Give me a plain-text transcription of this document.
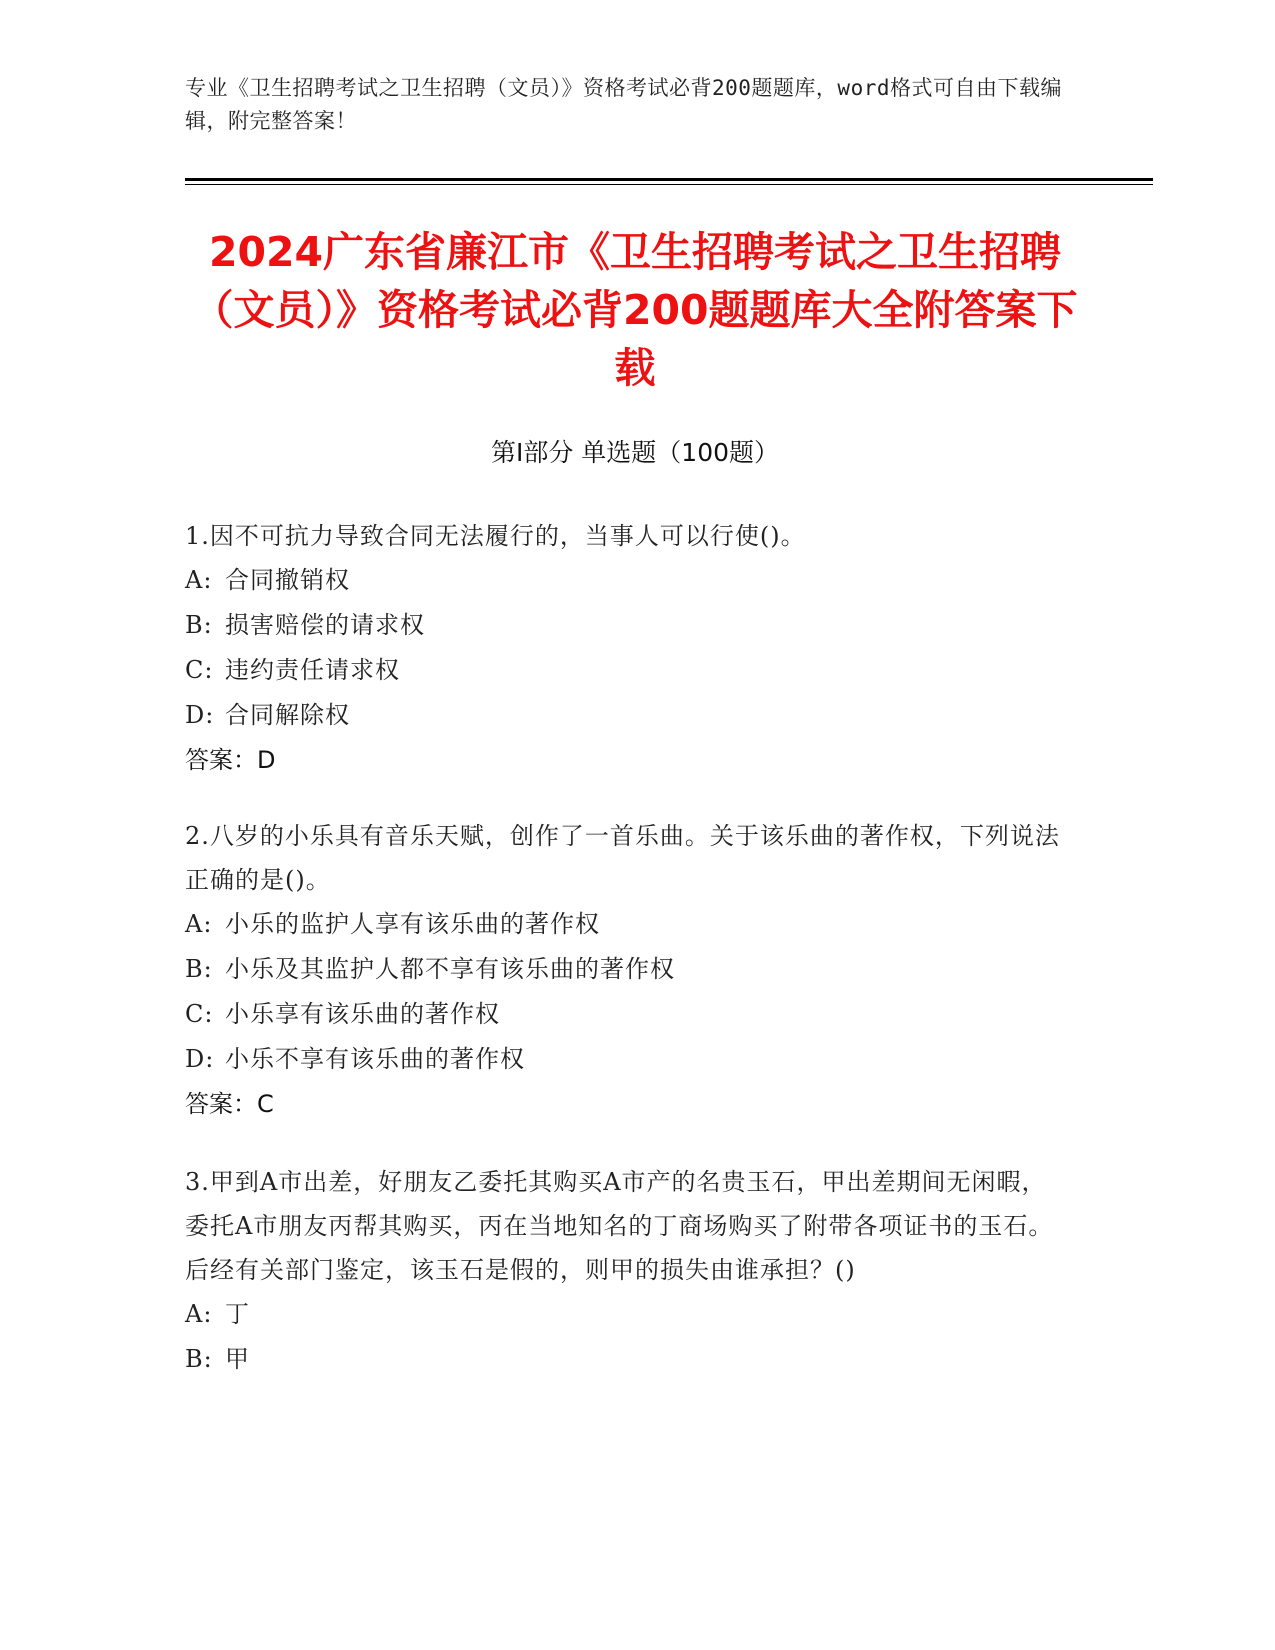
专业《卫生招聘考试之卫生招聘（文员）》资格考试必背200题题库，word格式可自由下载编辑，附完整答案！
2024广东省廉江市《卫生招聘考试之卫生招聘（文员）》资格考试必背200题题库大全附答案下载
第Ⅰ部分 单选题（100题）
1.因不可抗力导致合同无法履行的，当事人可以行使()。
A: 合同撤销权
B: 损害赔偿的请求权
C: 违约责任请求权
D: 合同解除权
答案：D
2.八岁的小乐具有音乐天赋，创作了一首乐曲。关于该乐曲的著作权，下列说法正确的是()。
A: 小乐的监护人享有该乐曲的著作权
B: 小乐及其监护人都不享有该乐曲的著作权
C: 小乐享有该乐曲的著作权
D: 小乐不享有该乐曲的著作权
答案：C
3.甲到A市出差，好朋友乙委托其购买A市产的名贵玉石，甲出差期间无闲暇，委托A市朋友丙帮其购买，丙在当地知名的丁商场购买了附带各项证书的玉石。后经有关部门鉴定，该玉石是假的，则甲的损失由谁承担？()
A: 丁
B: 甲
